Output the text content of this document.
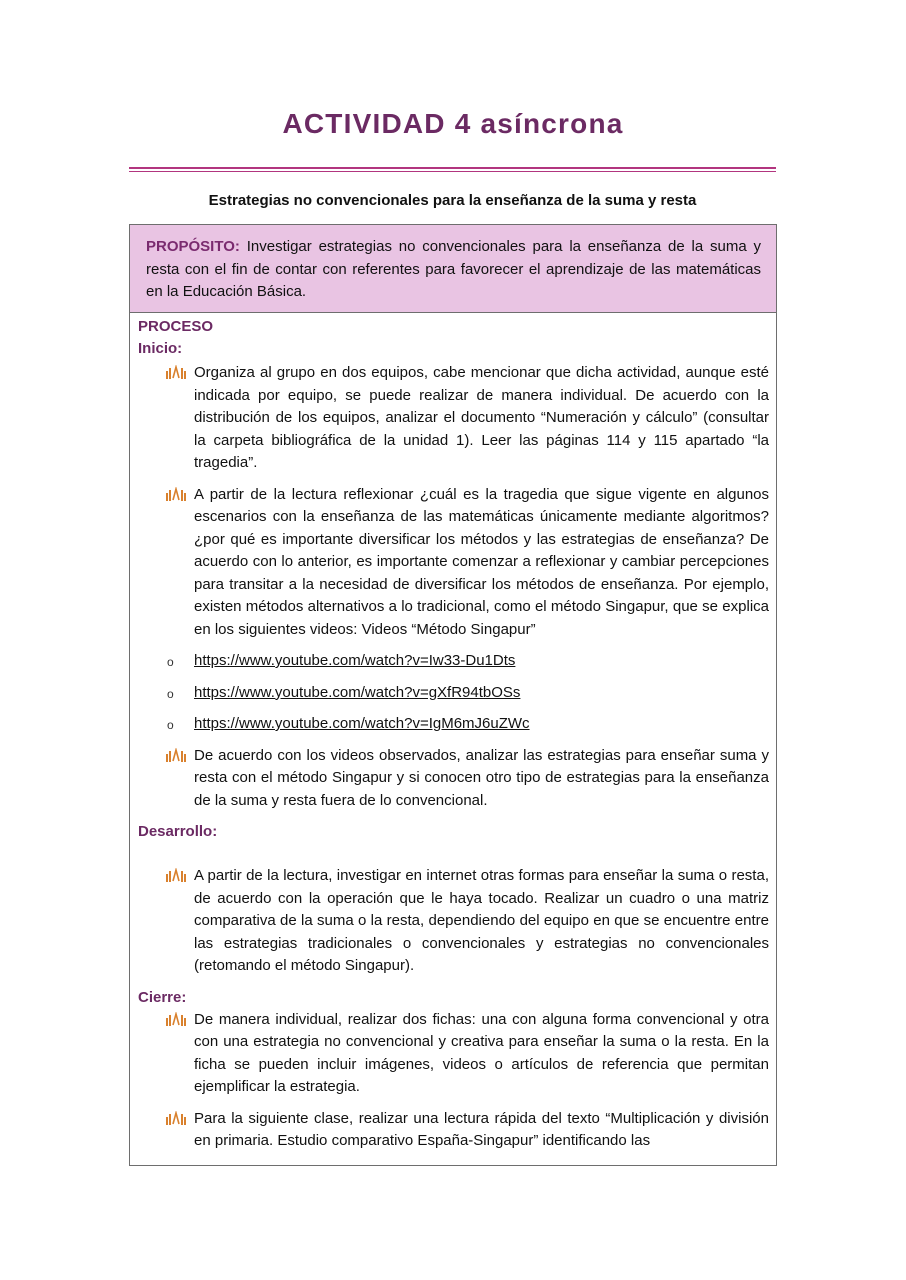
ACTIVIDAD 4 asíncrona
Estrategias no convencionales para la enseñanza de la suma y resta
PROPÓSITO: Investigar estrategias no convencionales para la enseñanza de la suma y resta con el fin de contar con referentes para favorecer el aprendizaje de las matemáticas en la Educación Básica.
PROCESO
Inicio:
Organiza al grupo en dos equipos, cabe mencionar que dicha actividad, aunque esté indicada por equipo, se puede realizar de manera individual. De acuerdo con la distribución de los equipos, analizar el documento “Numeración y cálculo” (consultar la carpeta bibliográfica de la unidad 1). Leer las páginas 114 y 115 apartado “la tragedia”.
A partir de la lectura reflexionar ¿cuál es la tragedia que sigue vigente en algunos escenarios con la enseñanza de las matemáticas únicamente mediante algoritmos? ¿por qué es importante diversificar los métodos y las estrategias de enseñanza? De acuerdo con lo anterior, es importante comenzar a reflexionar y cambiar percepciones para transitar a la necesidad de diversificar los métodos de enseñanza. Por ejemplo, existen métodos alternativos a lo tradicional, como el método Singapur, que se explica en los siguientes videos: Videos “Método Singapur”
o https://www.youtube.com/watch?v=Iw33-Du1Dts
o https://www.youtube.com/watch?v=gXfR94tbOSs
o https://www.youtube.com/watch?v=IgM6mJ6uZWc
De acuerdo con los videos observados, analizar las estrategias para enseñar suma y resta con el método Singapur y si conocen otro tipo de estrategias para la enseñanza de la suma y resta fuera de lo convencional.
Desarrollo:
A partir de la lectura, investigar en internet otras formas para enseñar la suma o resta, de acuerdo con la operación que le haya tocado. Realizar un cuadro o una matriz comparativa de la suma o la resta, dependiendo del equipo en que se encuentre entre las estrategias tradicionales o convencionales y estrategias no convencionales (retomando el método Singapur).
Cierre:
De manera individual, realizar dos fichas: una con alguna forma convencional y otra con una estrategia no convencional y creativa para enseñar la suma o la resta. En la ficha se pueden incluir imágenes, videos o artículos de referencia que permitan ejemplificar la estrategia.
Para la siguiente clase, realizar una lectura rápida del texto “Multiplicación y división en primaria. Estudio comparativo España-Singapur” identificando las
